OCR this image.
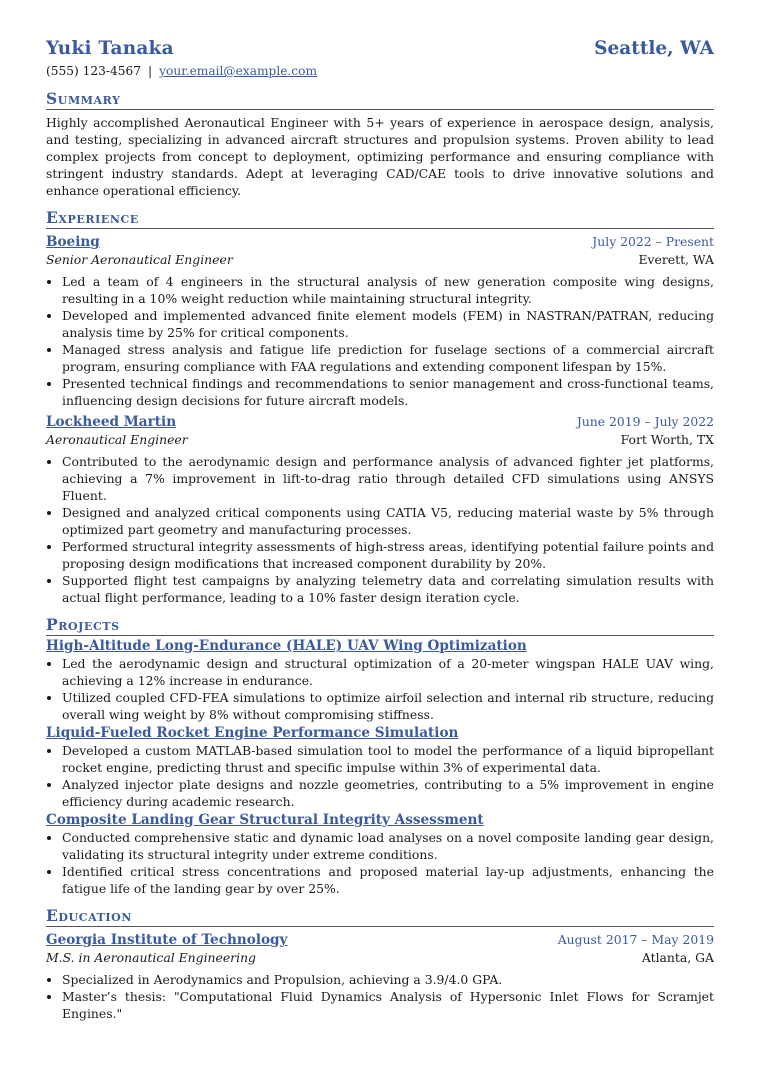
Yuki Tanaka	Seattle, WA
(555) 123-4567 | your.email@example.com
Summary
Highly accomplished Aeronautical Engineer with 5+ years of experience in aerospace design, analysis, and testing, specializing in advanced aircraft structures and propulsion systems. Proven ability to lead complex projects from concept to deployment, optimizing performance and ensuring compliance with stringent industry standards. Adept at leveraging CAD/CAE tools to drive innovative solutions and enhance operational efficiency.
Experience
Boeing	July 2022 – Present
Senior Aeronautical Engineer	Everett, WA
• Led a team of 4 engineers in the structural analysis of new generation composite wing designs, resulting in a 10% weight reduction while maintaining structural integrity.
• Developed and implemented advanced finite element models (FEM) in NASTRAN/PATRAN, reducing analysis time by 25% for critical components.
• Managed stress analysis and fatigue life prediction for fuselage sections of a commercial aircraft program, ensuring compliance with FAA regulations and extending component lifespan by 15%.
• Presented technical findings and recommendations to senior management and cross-functional teams, influencing design decisions for future aircraft models.
Lockheed Martin	June 2019 – July 2022
Aeronautical Engineer	Fort Worth, TX
• Contributed to the aerodynamic design and performance analysis of advanced fighter jet platforms, achieving a 7% improvement in lift-to-drag ratio through detailed CFD simulations using ANSYS Fluent.
• Designed and analyzed critical components using CATIA V5, reducing material waste by 5% through optimized part geometry and manufacturing processes.
• Performed structural integrity assessments of high-stress areas, identifying potential failure points and proposing design modifications that increased component durability by 20%.
• Supported flight test campaigns by analyzing telemetry data and correlating simulation results with actual flight performance, leading to a 10% faster design iteration cycle.
Projects
High-Altitude Long-Endurance (HALE) UAV Wing Optimization
• Led the aerodynamic design and structural optimization of a 20-meter wingspan HALE UAV wing, achieving a 12% increase in endurance.
• Utilized coupled CFD-FEA simulations to optimize airfoil selection and internal rib structure, reducing overall wing weight by 8% without compromising stiffness.
Liquid-Fueled Rocket Engine Performance Simulation
• Developed a custom MATLAB-based simulation tool to model the performance of a liquid bipropellant rocket engine, predicting thrust and specific impulse within 3% of experimental data.
• Analyzed injector plate designs and nozzle geometries, contributing to a 5% improvement in engine efficiency during academic research.
Composite Landing Gear Structural Integrity Assessment
• Conducted comprehensive static and dynamic load analyses on a novel composite landing gear design, validating its structural integrity under extreme conditions.
• Identified critical stress concentrations and proposed material lay-up adjustments, enhancing the fatigue life of the landing gear by over 25%.
Education
Georgia Institute of Technology	August 2017 – May 2019
M.S. in Aeronautical Engineering	Atlanta, GA
• Specialized in Aerodynamics and Propulsion, achieving a 3.9/4.0 GPA.
• Master’s thesis: "Computational Fluid Dynamics Analysis of Hypersonic Inlet Flows for Scramjet Engines."
